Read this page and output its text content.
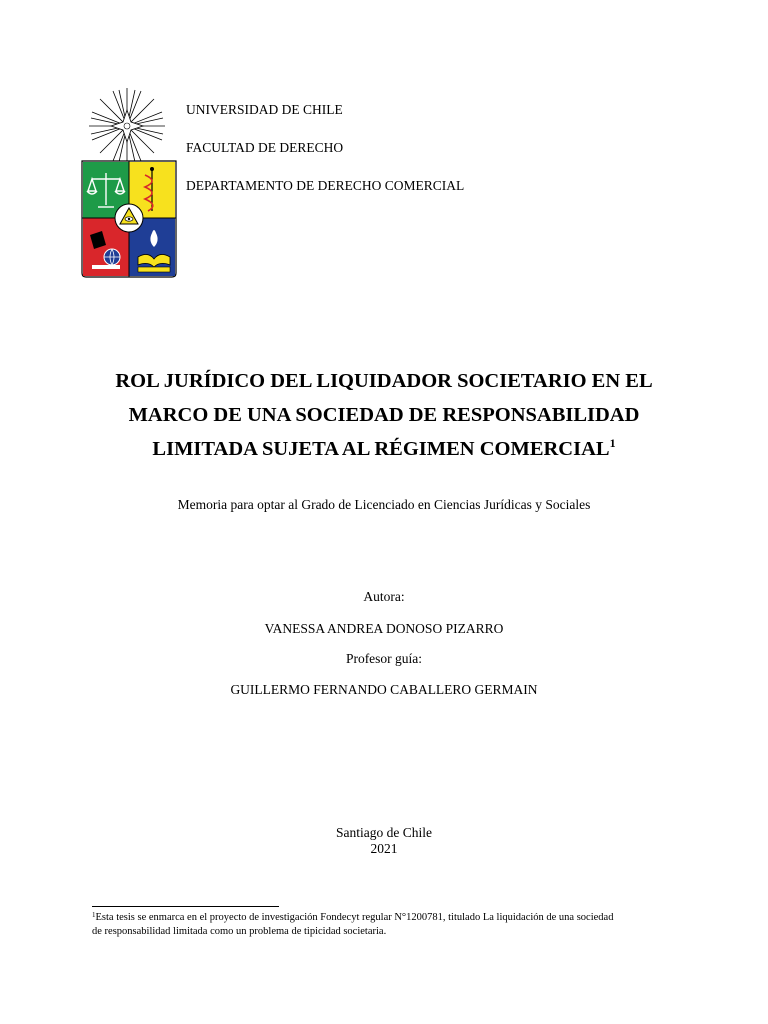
UNIVERSIDAD DE CHILE
FACULTAD DE DERECHO
DEPARTAMENTO DE DERECHO COMERCIAL
ROL JURÍDICO DEL LIQUIDADOR SOCIETARIO EN EL
MARCO DE UNA SOCIEDAD DE RESPONSABILIDAD
LIMITADA SUJETA AL RÉGIMEN COMERCIAL$^1$
Memoria para optar al Grado de Licenciado en Ciencias Jurídicas y Sociales
Autora:
VANESSA ANDREA DONOSO PIZARRO
Profesor guía:
GUILLERMO FERNANDO CABALLERO GERMAIN
Santiago de Chile
2021
$^1$Esta tesis se enmarca en el proyecto de investigación Fondecyt regular N°1200781, titulado La liquidación de una sociedad
de responsabilidad limitada como un problema de tipicidad societaria.
